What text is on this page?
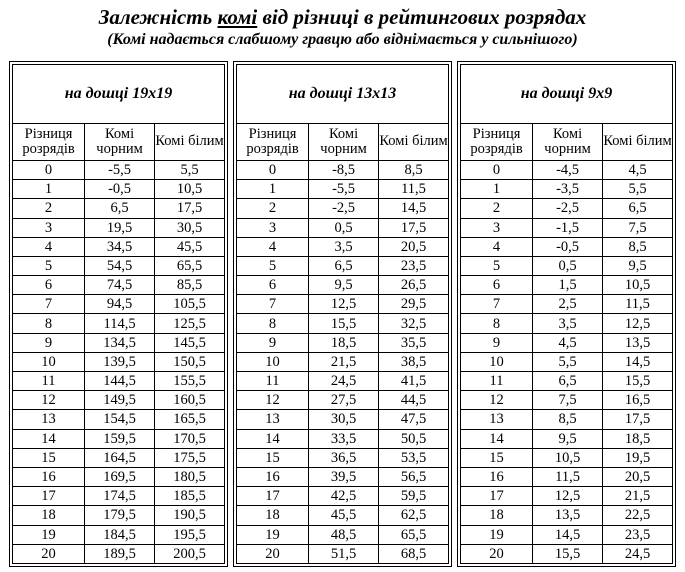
Залежність комі від різниці в рейтингових розрядах
(Комі надається слабшому гравцю або віднімається у сильнішого)
на дошці 19х19		
Різниця розрядів	Комі чорним	Комі білим
0	-5,5	5,5
1	-0,5	10,5
2	6,5	17,5
3	19,5	30,5
4	34,5	45,5
5	54,5	65,5
6	74,5	85,5
7	94,5	105,5
8	114,5	125,5
9	134,5	145,5
10	139,5	150,5
11	144,5	155,5
12	149,5	160,5
13	154,5	165,5
14	159,5	170,5
15	164,5	175,5
16	169,5	180,5
17	174,5	185,5
18	179,5	190,5
19	184,5	195,5
20	189,5	200,5
на дошці 13х13		
Різниця розрядів	Комі чорним	Комі білим
0	-8,5	8,5
1	-5,5	11,5
2	-2,5	14,5
3	0,5	17,5
4	3,5	20,5
5	6,5	23,5
6	9,5	26,5
7	12,5	29,5
8	15,5	32,5
9	18,5	35,5
10	21,5	38,5
11	24,5	41,5
12	27,5	44,5
13	30,5	47,5
14	33,5	50,5
15	36,5	53,5
16	39,5	56,5
17	42,5	59,5
18	45,5	62,5
19	48,5	65,5
20	51,5	68,5
на дошці 9х9		
Різниця розрядів	Комі чорним	Комі білим
0	-4,5	4,5
1	-3,5	5,5
2	-2,5	6,5
3	-1,5	7,5
4	-0,5	8,5
5	0,5	9,5
6	1,5	10,5
7	2,5	11,5
8	3,5	12,5
9	4,5	13,5
10	5,5	14,5
11	6,5	15,5
12	7,5	16,5
13	8,5	17,5
14	9,5	18,5
15	10,5	19,5
16	11,5	20,5
17	12,5	21,5
18	13,5	22,5
19	14,5	23,5
20	15,5	24,5
